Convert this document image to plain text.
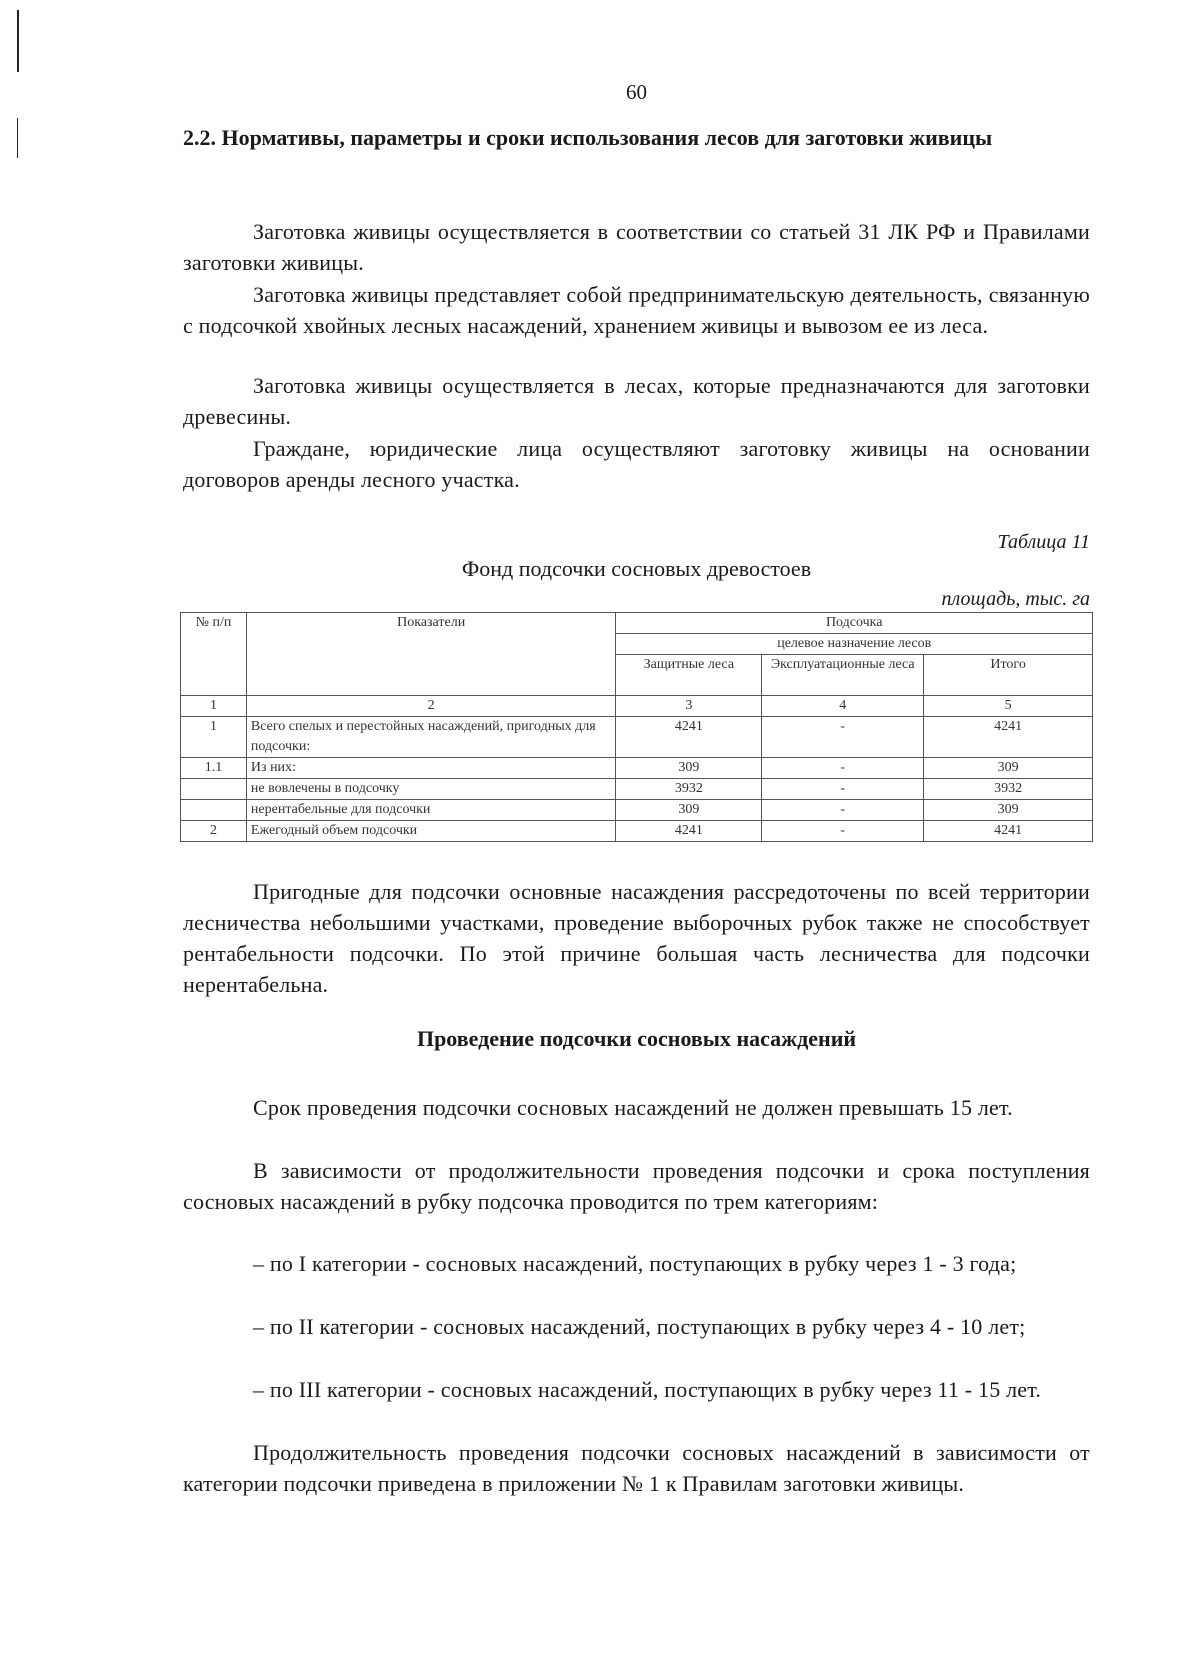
60
2.2. Нормативы, параметры и сроки использования лесов для заготовки живицы
Заготовка живицы осуществляется в соответствии со статьей 31 ЛК РФ и Правилами заготовки живицы.
Заготовка живицы представляет собой предпринимательскую деятельность, связанную с подсочкой хвойных лесных насаждений, хранением живицы и вывозом ее из леса.
Заготовка живицы осуществляется в лесах, которые предназначаются для заготовки древесины.
Граждане, юридические лица осуществляют заготовку живицы на основании договоров аренды лесного участка.
Таблица 11
Фонд подсочки сосновых древостоев
площадь, тыс. га
№ п/п	Показатели	Подсочка		
		целевое назначение лесов		
		Защитные леса	Эксплуатационные леса	Итого
1	2	3	4	5
1	Всего спелых и перестойных насаждений, пригодных для подсочки:	4241	-	4241
1.1	Из них:	309	-	309
	не вовлечены в подсочку	3932	-	3932
	нерентабельные для подсочки	309	-	309
2	Ежегодный объем подсочки	4241	-	4241
Пригодные для подсочки основные насаждения рассредоточены по всей территории лесничества небольшими участками, проведение выборочных рубок также не способствует рентабельности подсочки. По этой причине большая часть лесничества для подсочки нерентабельна.
Проведение подсочки сосновых насаждений
Срок проведения подсочки сосновых насаждений не должен превышать 15 лет.
В зависимости от продолжительности проведения подсочки и срока поступления сосновых насаждений в рубку подсочка проводится по трем категориям:
– по I категории - сосновых насаждений, поступающих в рубку через 1 - 3 года;
– по II категории - сосновых насаждений, поступающих в рубку через 4 - 10 лет;
– по III категории - сосновых насаждений, поступающих в рубку через 11 - 15 лет.
Продолжительность проведения подсочки сосновых насаждений в зависимости от категории подсочки приведена в приложении № 1 к Правилам заготовки живицы.
